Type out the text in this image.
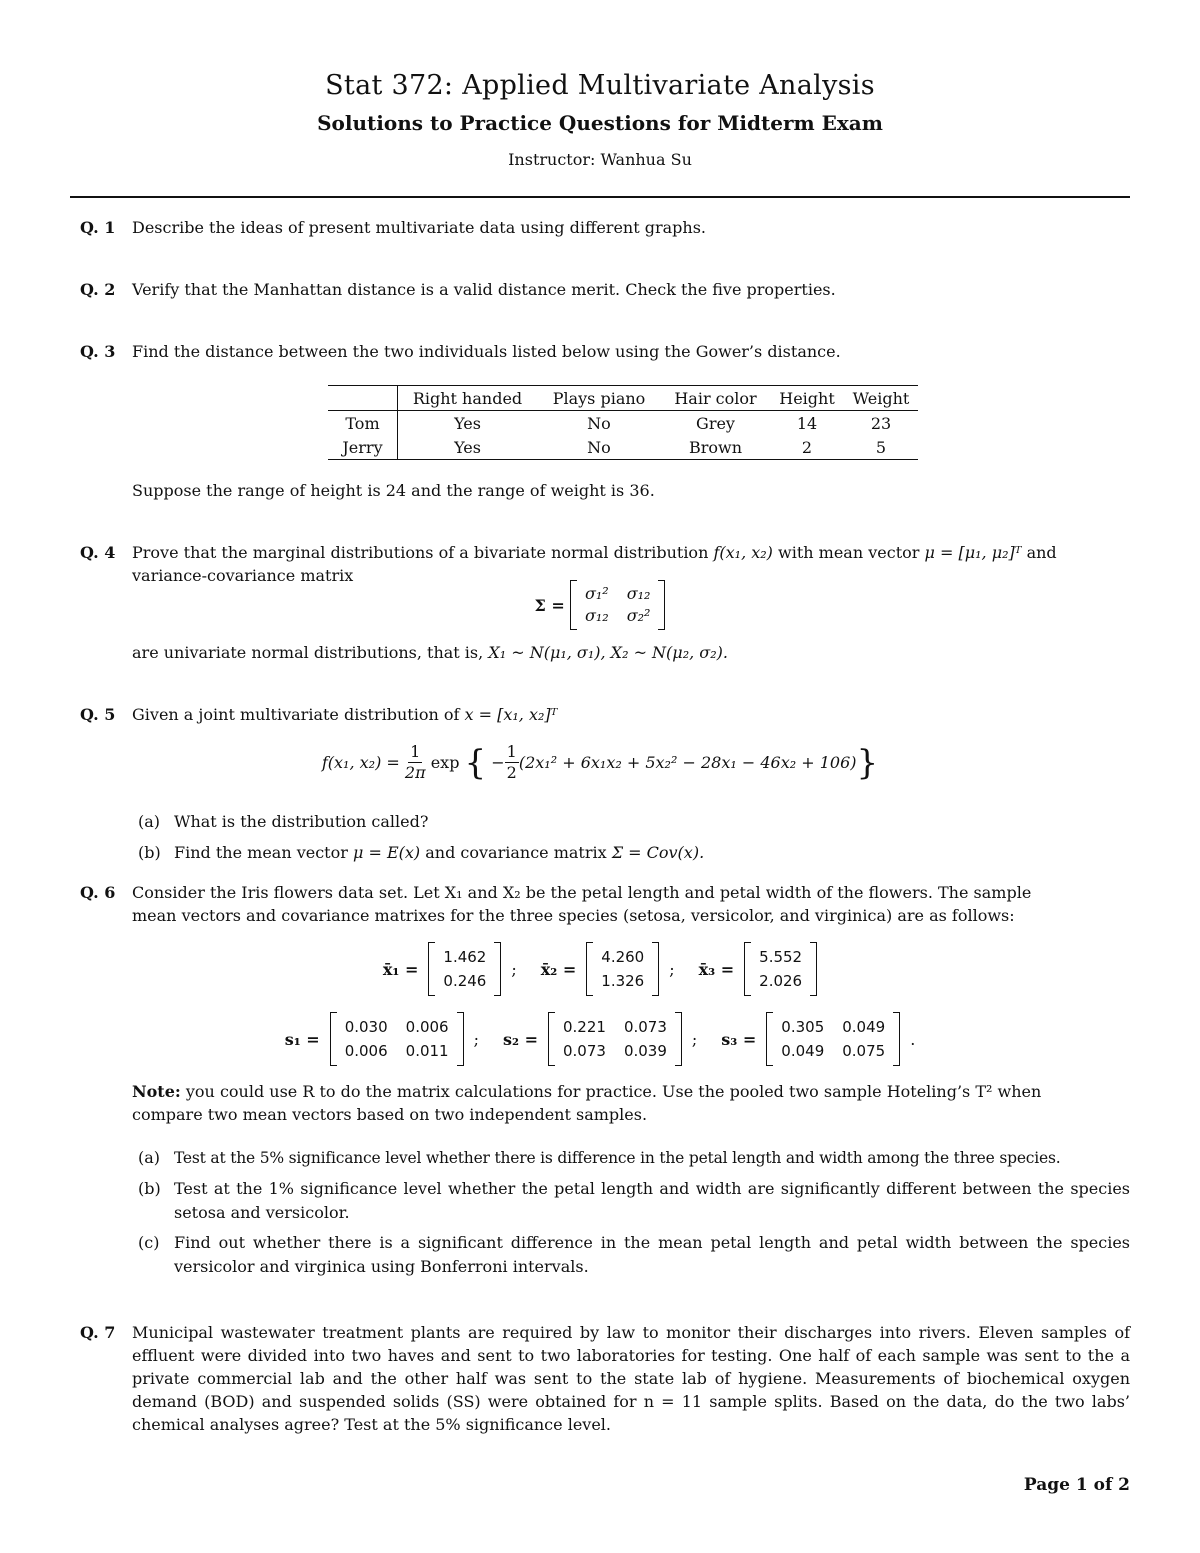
Stat 372: Applied Multivariate Analysis
Solutions to Practice Questions for Midterm Exam
Instructor: Wanhua Su
Q. 1 Describe the ideas of present multivariate data using different graphs.
Q. 2 Verify that the Manhattan distance is a valid distance merit. Check the five properties.
Q. 3 Find the distance between the two individuals listed below using the Gower’s distance.
	Right handed	Plays piano	Hair color	Height	Weight
Tom	Yes	No	Grey	14	23
Jerry	Yes	No	Brown	2	5
Suppose the range of height is 24 and the range of weight is 36.
Q. 4 Prove that the marginal distributions of a bivariate normal distribution f(x₁, x₂) with mean vector μ = [μ₁, μ₂]ᵀ and
variance-covariance matrix
Σ =

σ₁² σ₁₂
σ₁₂ σ₂²
are univariate normal distributions, that is, X₁ ~ N(μ₁, σ₁), X₂ ~ N(μ₂, σ₂).
Q. 5 Given a joint multivariate distribution of x = [x₁, x₂]ᵀ
f(x₁, x₂) =
$\frac{1}{2\pi}$
exp
{ − $\frac{1}{2} (2x_1^2 + 6x_1x_2 + 5x_2^2 - 28x_1 - 46x_2 + 106)$ }
(a) What is the distribution called?
(b) Find the mean vector μ = E(x) and covariance matrix Σ = Cov(x).
Q. 6 Consider the Iris flowers data set. Let X₁ and X₂ be the petal length and petal width of the flowers. The sample
mean vectors and covariance matrixes for the three species (setosa, versicolor, and virginica) are as follows:
x̄₁ =
1.462
0.246
; x̄₂ =
4.260
1.326
; x̄₃ =
5.552
2.026
s₁ =
0.030 0.006
0.006 0.011
; s₂ =
0.221 0.073
0.073 0.039
; s₃ =
0.305 0.049
0.049 0.075
.
Note: you could use R to do the matrix calculations for practice. Use the pooled two sample Hoteling’s T² when
compare two mean vectors based on two independent samples.
(a) Test at the 5% significance level whether there is difference in the petal length and width among the three species.
(b) Test at the 1% significance level whether the petal length and width are significantly different between the species setosa and versicolor.
(c) Find out whether there is a significant difference in the mean petal length and petal width between the species versicolor and virginica using Bonferroni intervals.
Q. 7 Municipal wastewater treatment plants are required by law to monitor their discharges into rivers. Eleven samples of effluent were divided into two haves and sent to two laboratories for testing. One half of each sample was sent to the a private commercial lab and the other half was sent to the state lab of hygiene. Measurements of biochemical oxygen demand (BOD) and suspended solids (SS) were obtained for n = 11 sample splits. Based on the data, do the two labs’ chemical analyses agree? Test at the 5% significance level.
Page 1 of 2
